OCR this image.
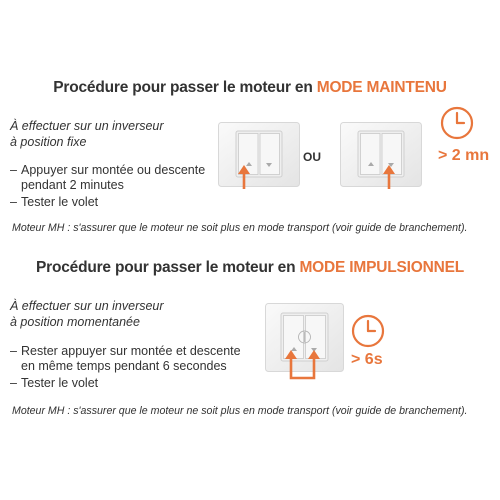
Procédure pour passer le moteur en MODE MAINTENU
À effectuer sur un inverseur
à position fixe
– Appuyer sur montée ou descente
pendant 2 minutes
– Tester le volet
OU	> 2 mn
Moteur MH : s'assurer que le moteur ne soit plus en mode transport (voir guide de branchement).
Procédure pour passer le moteur en MODE IMPULSIONNEL
À effectuer sur un inverseur
à position momentanée
– Rester appuyer sur montée et descente
en même temps pendant 6 secondes
– Tester le volet
> 6s
Moteur MH : s'assurer que le moteur ne soit plus en mode transport (voir guide de branchement).
